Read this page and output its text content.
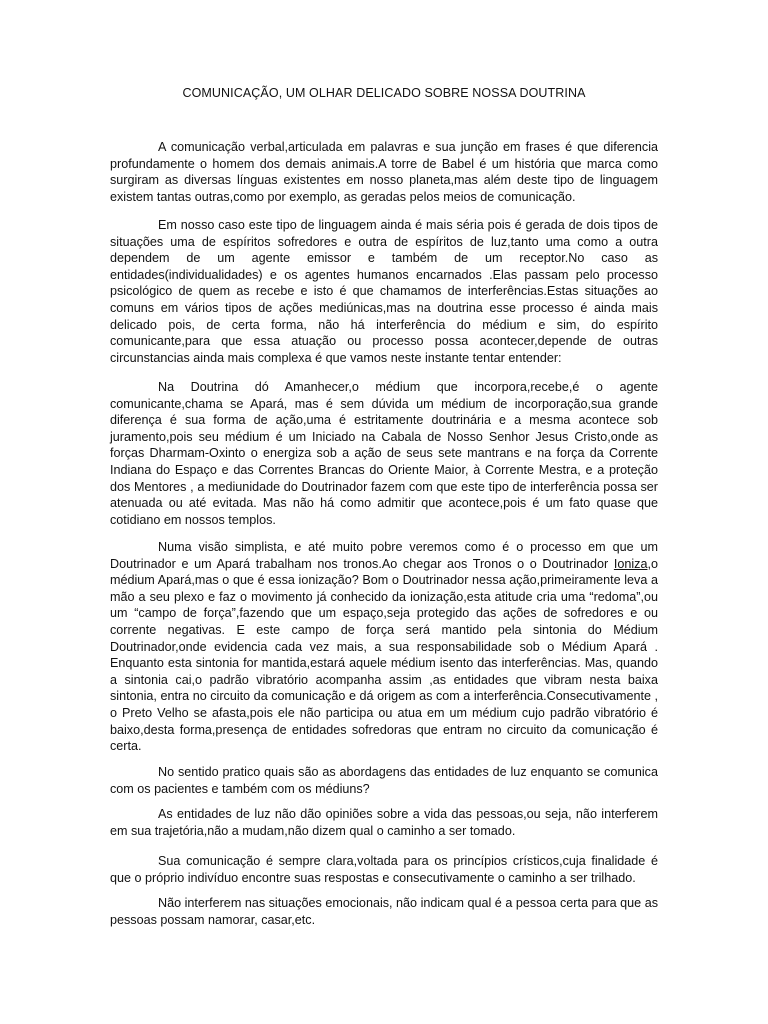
COMUNICAÇÃO, UM OLHAR DELICADO SOBRE NOSSA DOUTRINA

A comunicação verbal,articulada em palavras e sua junção em frases é que diferencia profundamente o homem dos demais animais.A torre de Babel é um história que marca como surgiram as diversas línguas existentes em nosso planeta,mas além deste tipo de linguagem existem tantas outras,como por exemplo, as geradas pelos meios de comunicação.

Em nosso caso este tipo de linguagem ainda é mais séria pois é gerada de dois tipos de situações uma de espíritos sofredores e outra de espíritos de luz,tanto uma como a outra dependem de um agente emissor e também de um receptor.No caso as entidades(individualidades) e os agentes humanos encarnados .Elas passam pelo processo psicológico de quem as recebe e isto é que chamamos de interferências.Estas situações ao comuns em vários tipos de ações mediúnicas,mas na doutrina esse processo é ainda mais delicado pois, de certa forma, não há interferência do médium e sim, do espírito comunicante,para que essa atuação ou processo possa acontecer,depende de outras circunstancias ainda mais complexa é que vamos neste instante tentar entender:

Na Doutrina dó Amanhecer,o médium que incorpora,recebe,é o agente comunicante,chama se Apará, mas é sem dúvida um médium de incorporação,sua grande diferença é sua forma de ação,uma é estritamente doutrinária e a mesma acontece sob juramento,pois seu médium é um Iniciado na Cabala de Nosso Senhor Jesus Cristo,onde as forças Dharmam-Oxinto o energiza sob a ação de seus sete mantrans e na força da Corrente Indiana do Espaço e das Correntes Brancas do Oriente Maior, à Corrente Mestra, e a proteção dos Mentores , a mediunidade do Doutrinador fazem com que este tipo de interferência possa ser atenuada ou até evitada. Mas não há como admitir que acontece,pois é um fato quase que cotidiano em nossos templos.

Numa visão simplista, e até muito pobre veremos como é o processo em que um Doutrinador e um Apará trabalham nos tronos.Ao chegar aos Tronos o o Doutrinador Ioniza,o médium Apará,mas o que é essa ionização? Bom o Doutrinador nessa ação,primeiramente leva a mão a seu plexo e faz o movimento já conhecido da ionização,esta atitude cria uma “redoma”,ou um “campo de força”,fazendo que um espaço,seja protegido das ações de sofredores e ou corrente negativas. E este campo de força será mantido pela sintonia do Médium Doutrinador,onde evidencia cada vez mais, a sua responsabilidade sob o Médium Apará . Enquanto esta sintonia for mantida,estará aquele médium isento das interferências. Mas, quando a sintonia cai,o padrão vibratório acompanha assim ,as entidades que vibram nesta baixa sintonia, entra no circuito da comunicação e dá origem as com a interferência.Consecutivamente , o Preto Velho se afasta,pois ele não participa ou atua em um médium cujo padrão vibratório é baixo,desta forma,presença de entidades sofredoras que entram no circuito da comunicação é certa.

No sentido pratico quais são as abordagens das entidades de luz enquanto se comunica com os pacientes e também com os médiuns?

As entidades de luz não dão opiniões sobre a vida das pessoas,ou seja, não interferem em sua trajetória,não a mudam,não dizem qual o caminho a ser tomado.

Sua comunicação é sempre clara,voltada para os princípios crísticos,cuja finalidade é que o próprio indivíduo encontre suas respostas e consecutivamente o caminho a ser trilhado.

Não interferem nas situações emocionais, não indicam qual é a pessoa certa para que as pessoas possam namorar, casar,etc.
